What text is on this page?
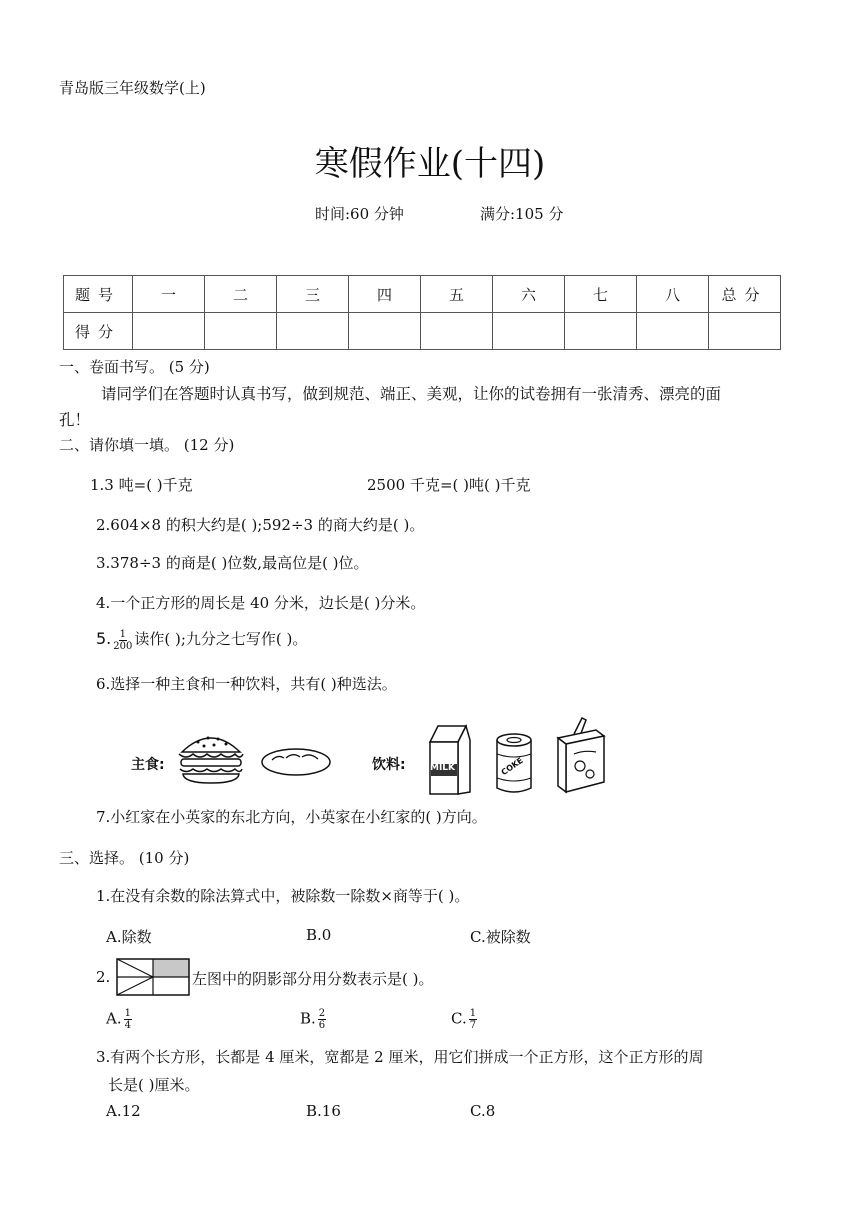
青岛版三年级数学(上)
寒假作业(十四)
时间:60 分钟	满分:105 分
题号	一	二	三	四	五	六	七	八	总分
得分									
一、卷面书写。 (5 分)
请同学们在答题时认真书写，做到规范、端正、美观，让你的试卷拥有一张清秀、漂亮的面
孔！
二、请你填一填。 (12 分)
1.3 吨=( )千克	2500 千克=( )吨( )千克
2.604×8 的积大约是( );592÷3 的商大约是( )。
3.378÷3 的商是( )位数,最高位是( )位。
4.一个正方形的周长是 40 分米，边长是( )分米。
5. $\frac{1}{200}$ 读作( );九分之七写作( )。
6.选择一种主食和一种饮料，共有( )种选法。
主食:	饮料:	MILK	COKE
7.小红家在小英家的东北方向，小英家在小红家的( )方向。
三、选择。 (10 分)
1.在没有余数的除法算式中，被除数一除数×商等于( )。
A.除数	B.0	C.被除数
2.	左图中的阴影部分用分数表示是( )。
A. $\frac{1}{4}$	B. $\frac{2}{6}$	C. $\frac{1}{7}$
3.有两个长方形，长都是 4 厘米，宽都是 2 厘米，用它们拼成一个正方形，这个正方形的周
长是( )厘米。
A.12	B.16	C.8
